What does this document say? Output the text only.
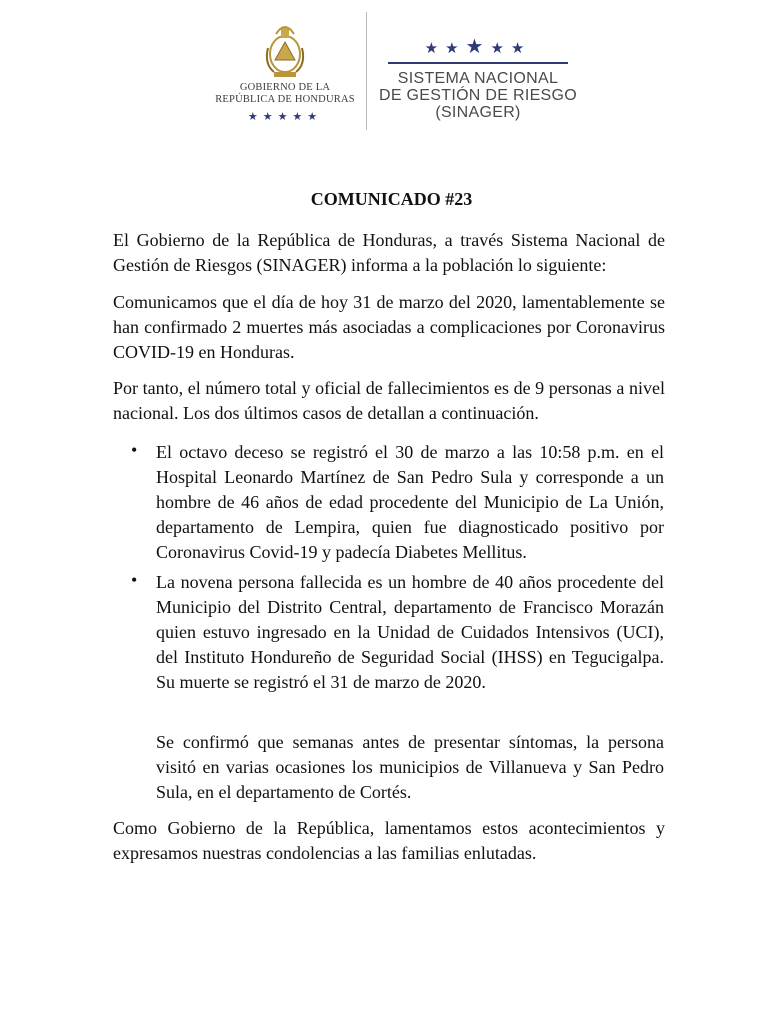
GOBIERNO DE LA
REPÚBLICA DE HONDURAS
★★★★★
★★★★★
SISTEMA NACIONAL
DE GESTIÓN DE RIESGO
(SINAGER)
COMUNICADO #23

El Gobierno de la República de Honduras, a través Sistema Nacional de Gestión de Riesgos (SINAGER) informa a la población lo siguiente:

Comunicamos que el día de hoy 31 de marzo del 2020, lamentablemente se han confirmado 2 muertes más asociadas a complicaciones por Coronavirus COVID-19 en Honduras.

Por tanto, el número total y oficial de fallecimientos es de 9 personas a nivel nacional. Los dos últimos casos de detallan a continuación.

• El octavo deceso se registró el 30 de marzo a las 10:58 p.m. en el Hospital Leonardo Martínez de San Pedro Sula y corresponde a un hombre de 46 años de edad procedente del Municipio de La Unión, departamento de Lempira, quien fue diagnosticado positivo por Coronavirus Covid-19 y padecía Diabetes Mellitus.

• La novena persona fallecida es un hombre de 40 años procedente del Municipio del Distrito Central, departamento de Francisco Morazán quien estuvo ingresado en la Unidad de Cuidados Intensivos (UCI), del Instituto Hondureño de Seguridad Social (IHSS) en Tegucigalpa. Su muerte se registró el 31 de marzo de 2020.

Se confirmó que semanas antes de presentar síntomas, la persona visitó en varias ocasiones los municipios de Villanueva y San Pedro Sula, en el departamento de Cortés.

Como Gobierno de la República, lamentamos estos acontecimientos y expresamos nuestras condolencias a las familias enlutadas.
